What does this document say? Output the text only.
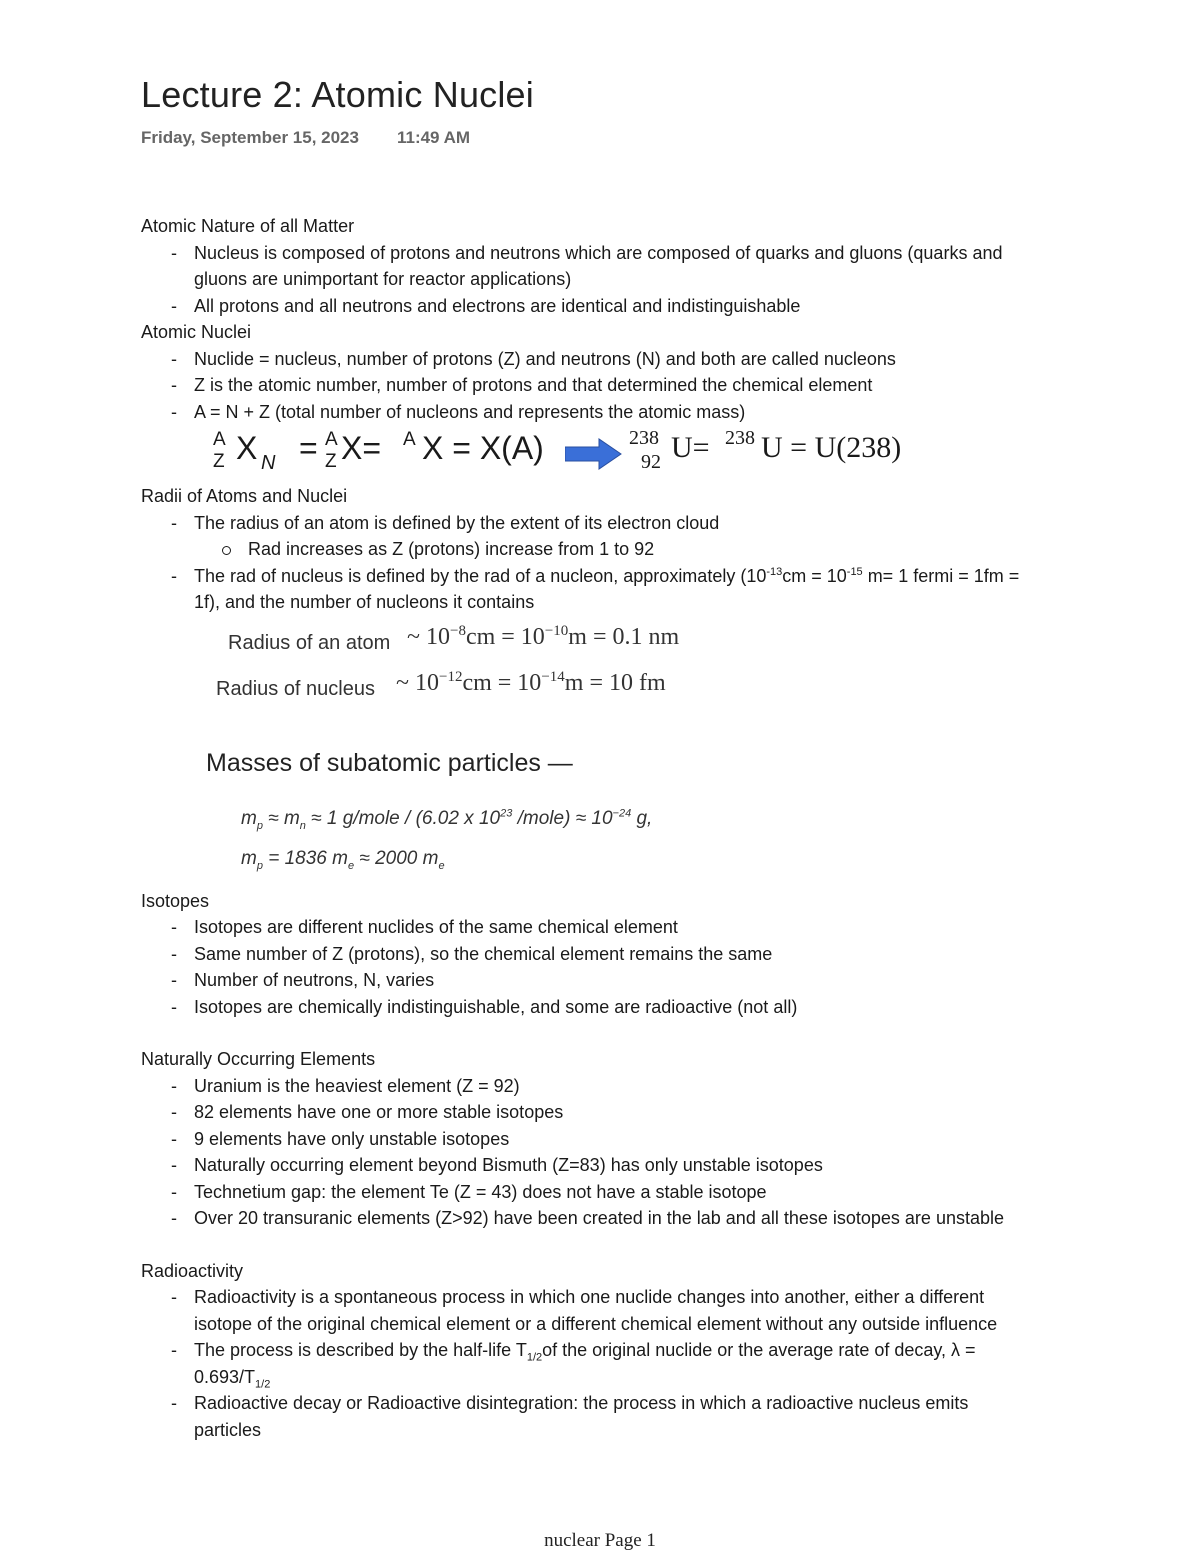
Lecture 2: Atomic Nuclei
Friday, September 15, 2023 11:49 AM

Atomic Nature of all Matter

- Nucleus is composed of protons and neutrons which are composed of quarks and gluons (quarks and gluons are unimportant for reactor applications)
- All protons and all neutrons and electrons are identical and indistinguishable

Atomic Nuclei

- Nuclide = nucleus, number of protons (Z) and neutrons (N) and both are called nucleons
- Z is the atomic number, number of protons and that determined the chemical element
- A = N + Z (total number of nucleons and represents the atomic mass)
A
Z X N = A
Z X= A X = X(A)	238
92 U= 238 U = U(238)

Radii of Atoms and Nuclei

- The radius of an atom is defined by the extent of its electron cloud
Rad increases as Z (protons) increase from 1 to 92
- The rad of nucleus is defined by the rad of a nucleon, approximately ($10^{-13}cm = 10^{-15}$ m= 1 fermi = 1fm = 1f), and the number of nucleons it contains
Radius of an atom ~ $10^{-8}cm = 10^{-10}m = 0.1$ nm
Radius of nucleus ~ $10^{-12}cm = 10^{-14}m = 10$ fm
Masses of subatomic particles —
$m_p \approx m_n \approx 1$ g/mole / (6.02 x $10^{23}$ /mole) ≈ $10^{-24}$ g,
$m_p = 1836$ $m_e \approx 2000$ $m_e$

Isotopes

- Isotopes are different nuclides of the same chemical element
- Same number of Z (protons), so the chemical element remains the same
- Number of neutrons, N, varies
- Isotopes are chemically indistinguishable, and some are radioactive (not all)

Naturally Occurring Elements

- Uranium is the heaviest element (Z = 92)
- 82 elements have one or more stable isotopes
- 9 elements have only unstable isotopes
- Naturally occurring element beyond Bismuth (Z=83) has only unstable isotopes
- Technetium gap: the element Te (Z = 43) does not have a stable isotope
- Over 20 transuranic elements (Z>92) have been created in the lab and all these isotopes are unstable

Radioactivity

- Radioactivity is a spontaneous process in which one nuclide changes into another, either a different isotope of the original chemical element or a different chemical element without any outside influence
- The process is described by the half-life $T_{1/2}of$ the original nuclide or the average rate of decay, $\lambda = 0.693/T_{1/2}$
- Radioactive decay or Radioactive disintegration: the process in which a radioactive nucleus emits particles
nuclear Page 1
